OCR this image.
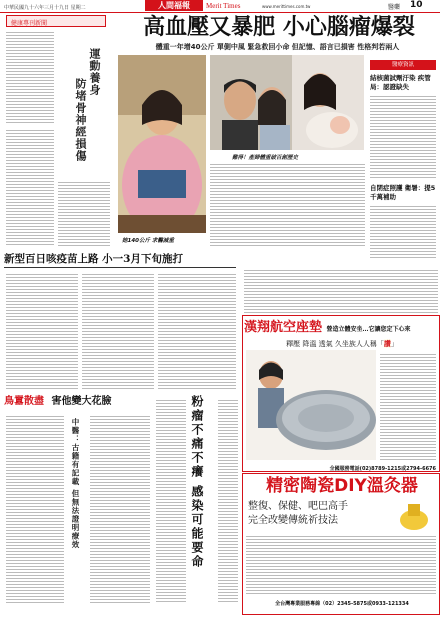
中華民國九十六年三月十九日 星期二	人間福報	Merit Times	www.merittimes.com.tw	醫藥 10
健康專刊新聞
運動養身
防堵骨神經損傷
高血壓又暴肥 小心腦瘤爆裂
體重一年增40公斤 單側中風 緊急救回小命 但記憶、語言已損害 性格判若兩人
她140公斤 求醫減重
難得！產婦體重破百創歷史
醫療資訊
結核菌試劑汙染 疾管局：認證缺失
自閉症照護 衛署：提5千萬補助
新型百日咳疫苗上路 小一3月下旬施打
鳥囂散盡 害他變大花臉
中醫：古籍有記載 但無法證明療效	粉瘤不痛不癢 感染可能要命
漢翔航空座墊 營造立體安坐…它讓您定下心來
釋壓 降溫 透氣 久坐族人人稱「讚」
全國服務電話(02)8789-1215或2794-6676
精密陶瓷DIY溫灸器
整復、保健、吧巴高手
完全改變傳統祈技法
全台灣專業服務專線（02）2345-5875或0933-121334
